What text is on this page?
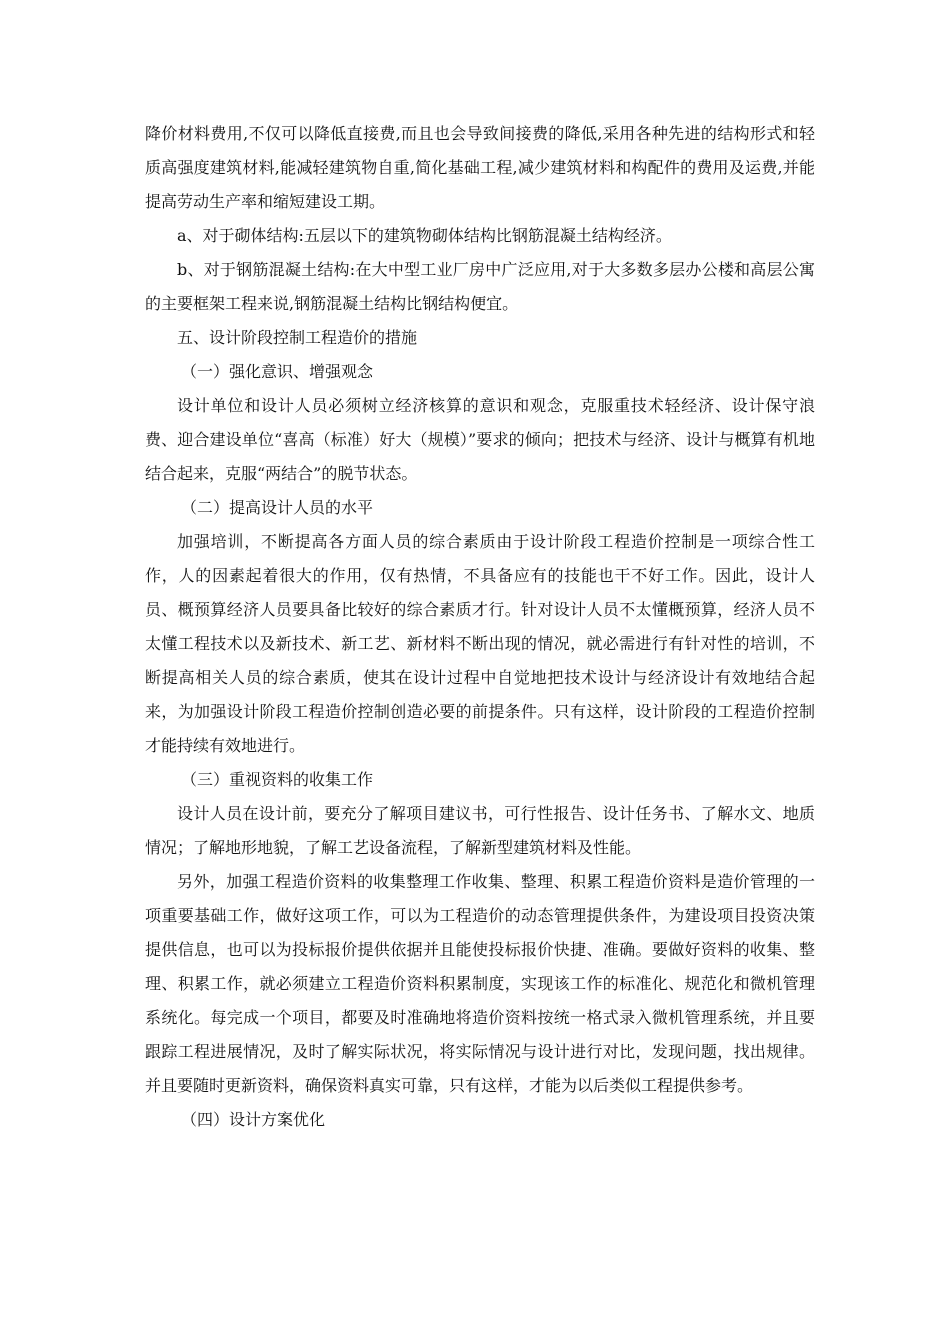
降价材料费用,不仅可以降低直接费,而且也会导致间接费的降低,采用各种先进的结构形式和轻质高强度建筑材料,能减轻建筑物自重,简化基础工程,减少建筑材料和构配件的费用及运费,并能提高劳动生产率和缩短建设工期。

a、对于砌体结构:五层以下的建筑物砌体结构比钢筋混凝土结构经济。

b、对于钢筋混凝土结构:在大中型工业厂房中广泛应用,对于大多数多层办公楼和高层公寓的主要框架工程来说,钢筋混凝土结构比钢结构便宜。

五、设计阶段控制工程造价的措施

（一）强化意识、增强观念

设计单位和设计人员必须树立经济核算的意识和观念，克服重技术轻经济、设计保守浪费、迎合建设单位“喜高（标准）好大（规模）”要求的倾向；把技术与经济、设计与概算有机地结合起来，克服“两结合”的脱节状态。

（二）提高设计人员的水平

加强培训，不断提高各方面人员的综合素质由于设计阶段工程造价控制是一项综合性工作，人的因素起着很大的作用，仅有热情，不具备应有的技能也干不好工作。因此，设计人员、概预算经济人员要具备比较好的综合素质才行。针对设计人员不太懂概预算，经济人员不太懂工程技术以及新技术、新工艺、新材料不断出现的情况，就必需进行有针对性的培训，不断提高相关人员的综合素质，使其在设计过程中自觉地把技术设计与经济设计有效地结合起来，为加强设计阶段工程造价控制创造必要的前提条件。只有这样，设计阶段的工程造价控制才能持续有效地进行。

（三）重视资料的收集工作

设计人员在设计前，要充分了解项目建议书，可行性报告、设计任务书、了解水文、地质情况；了解地形地貌，了解工艺设备流程，了解新型建筑材料及性能。

另外，加强工程造价资料的收集整理工作收集、整理、积累工程造价资料是造价管理的一项重要基础工作，做好这项工作，可以为工程造价的动态管理提供条件，为建设项目投资决策提供信息，也可以为投标报价提供依据并且能使投标报价快捷、准确。要做好资料的收集、整理、积累工作，就必须建立工程造价资料积累制度，实现该工作的标准化、规范化和微机管理系统化。每完成一个项目，都要及时准确地将造价资料按统一格式录入微机管理系统，并且要跟踪工程进展情况，及时了解实际状况，将实际情况与设计进行对比，发现问题，找出规律。并且要随时更新资料，确保资料真实可靠，只有这样，才能为以后类似工程提供参考。

（四）设计方案优化
